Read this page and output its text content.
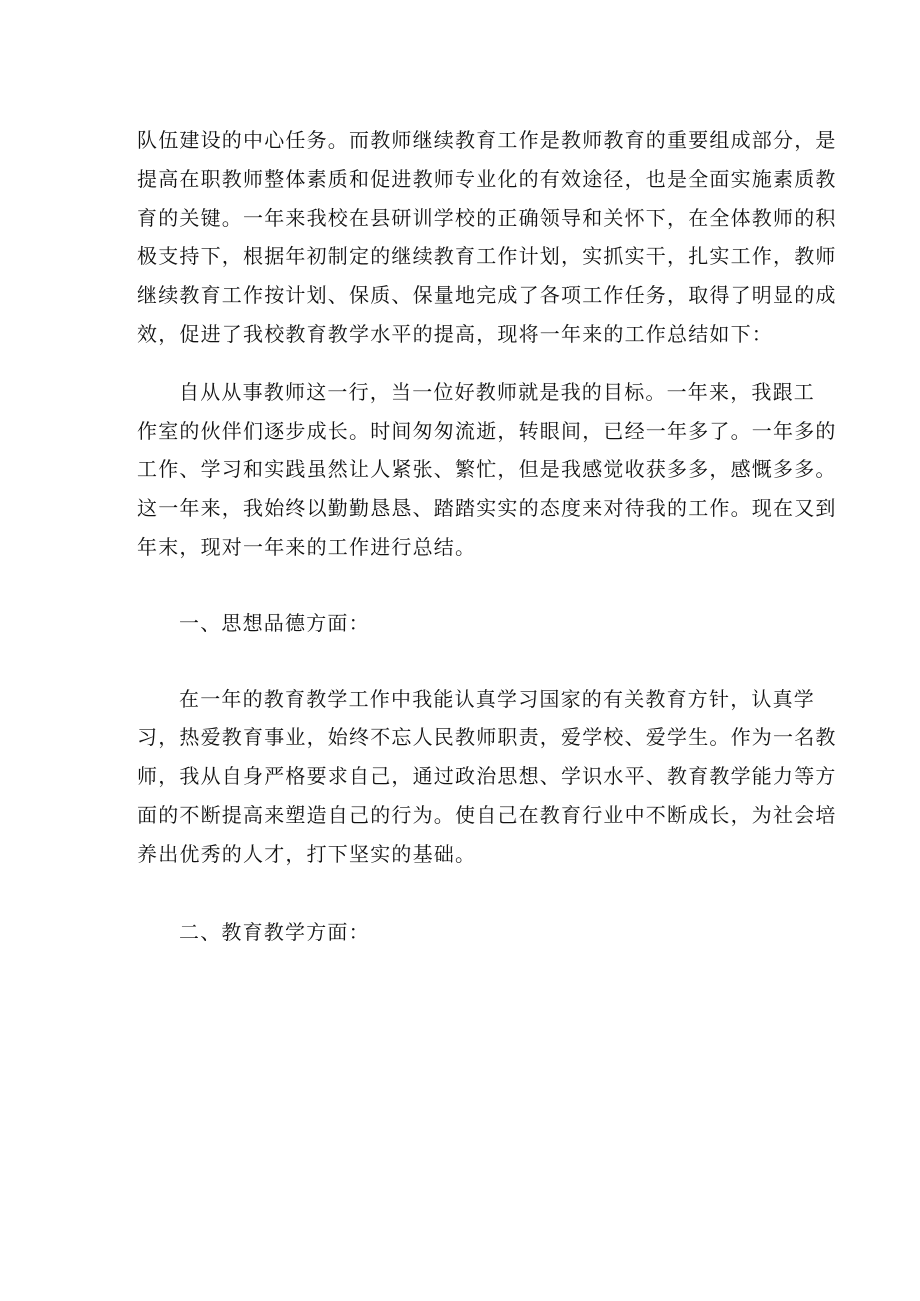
队伍建设的中心任务。而教师继续教育工作是教师教育的重要组成部分，是
提高在职教师整体素质和促进教师专业化的有效途径，也是全面实施素质教
育的关键。一年来我校在县研训学校的正确领导和关怀下，在全体教师的积
极支持下，根据年初制定的继续教育工作计划，实抓实干，扎实工作，教师
继续教育工作按计划、保质、保量地完成了各项工作任务，取得了明显的成
效，促进了我校教育教学水平的提高，现将一年来的工作总结如下：

自从从事教师这一行，当一位好教师就是我的目标。一年来，我跟工
作室的伙伴们逐步成长。时间匆匆流逝，转眼间，已经一年多了。一年多的
工作、学习和实践虽然让人紧张、繁忙，但是我感觉收获多多，感慨多多。
这一年来，我始终以勤勤恳恳、踏踏实实的态度来对待我的工作。现在又到
年末，现对一年来的工作进行总结。

一、思想品德方面：

在一年的教育教学工作中我能认真学习国家的有关教育方针，认真学
习，热爱教育事业，始终不忘人民教师职责，爱学校、爱学生。作为一名教
师，我从自身严格要求自己，通过政治思想、学识水平、教育教学能力等方
面的不断提高来塑造自己的行为。使自己在教育行业中不断成长，为社会培
养出优秀的人才，打下坚实的基础。

二、教育教学方面：
